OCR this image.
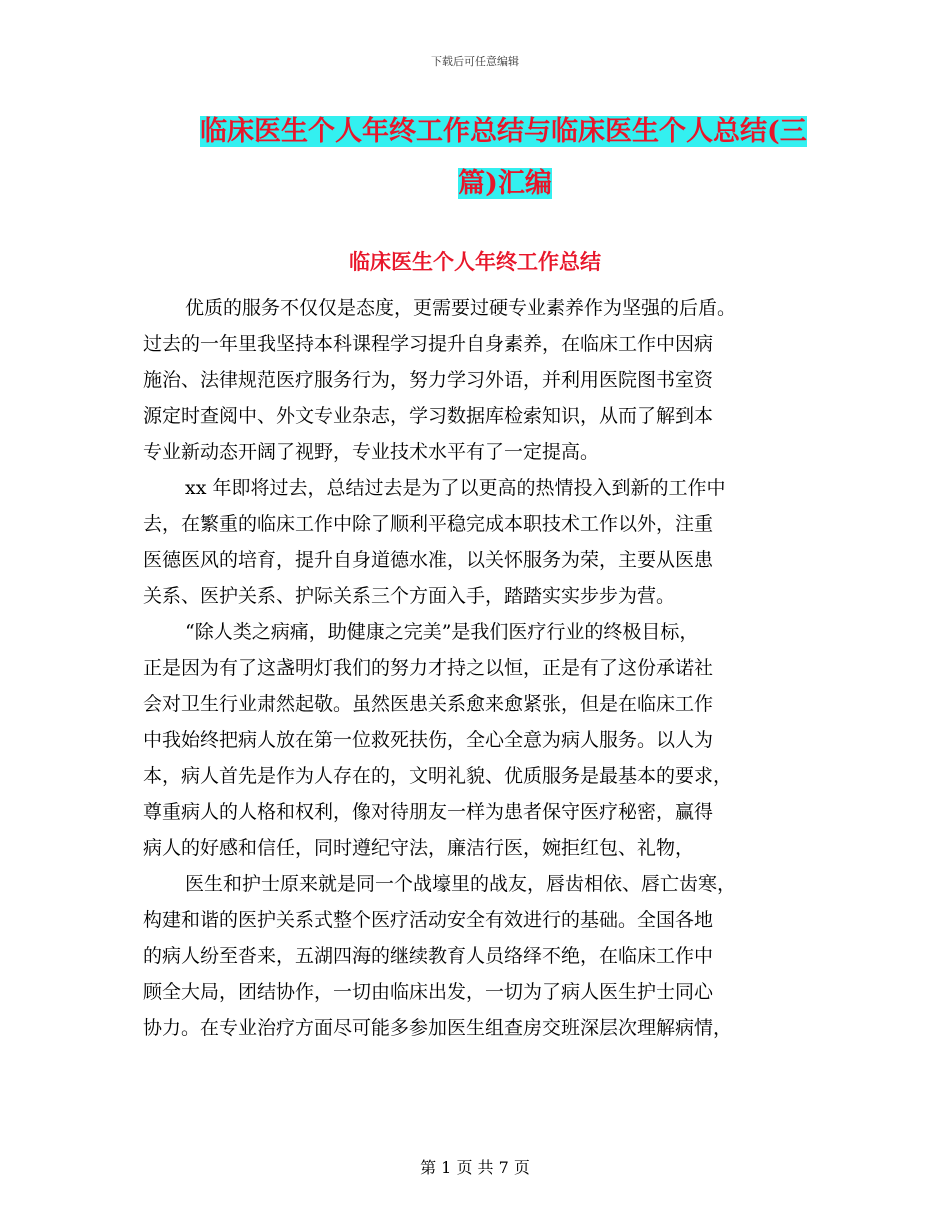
下载后可任意编辑
临床医生个人年终工作总结与临床医生个人总结(三
篇)汇编
临床医生个人年终工作总结

优质的服务不仅仅是态度，更需要过硬专业素养作为坚强的后盾。
过去的一年里我坚持本科课程学习提升自身素养，在临床工作中因病
施治、法律规范医疗服务行为，努力学习外语，并利用医院图书室资
源定时查阅中、外文专业杂志，学习数据库检索知识，从而了解到本
专业新动态开阔了视野，专业技术水平有了一定提高。

xx 年即将过去，总结过去是为了以更高的热情投入到新的工作中
去，在繁重的临床工作中除了顺利平稳完成本职技术工作以外，注重
医德医风的培育，提升自身道德水准，以关怀服务为荣，主要从医患
关系、医护关系、护际关系三个方面入手，踏踏实实步步为营。

“除人类之病痛，助健康之完美”是我们医疗行业的终极目标，
正是因为有了这盏明灯我们的努力才持之以恒，正是有了这份承诺社
会对卫生行业肃然起敬。虽然医患关系愈来愈紧张，但是在临床工作
中我始终把病人放在第一位救死扶伤，全心全意为病人服务。以人为
本，病人首先是作为人存在的，文明礼貌、优质服务是最基本的要求，
尊重病人的人格和权利，像对待朋友一样为患者保守医疗秘密，赢得
病人的好感和信任，同时遵纪守法，廉洁行医，婉拒红包、礼物，

医生和护士原来就是同一个战壕里的战友，唇齿相依、唇亡齿寒，
构建和谐的医护关系式整个医疗活动安全有效进行的基础。全国各地
的病人纷至沓来，五湖四海的继续教育人员络绎不绝，在临床工作中
顾全大局，团结协作，一切由临床出发，一切为了病人医生护士同心
协力。在专业治疗方面尽可能多参加医生组查房交班深层次理解病情，

第 1 页 共 7 页
